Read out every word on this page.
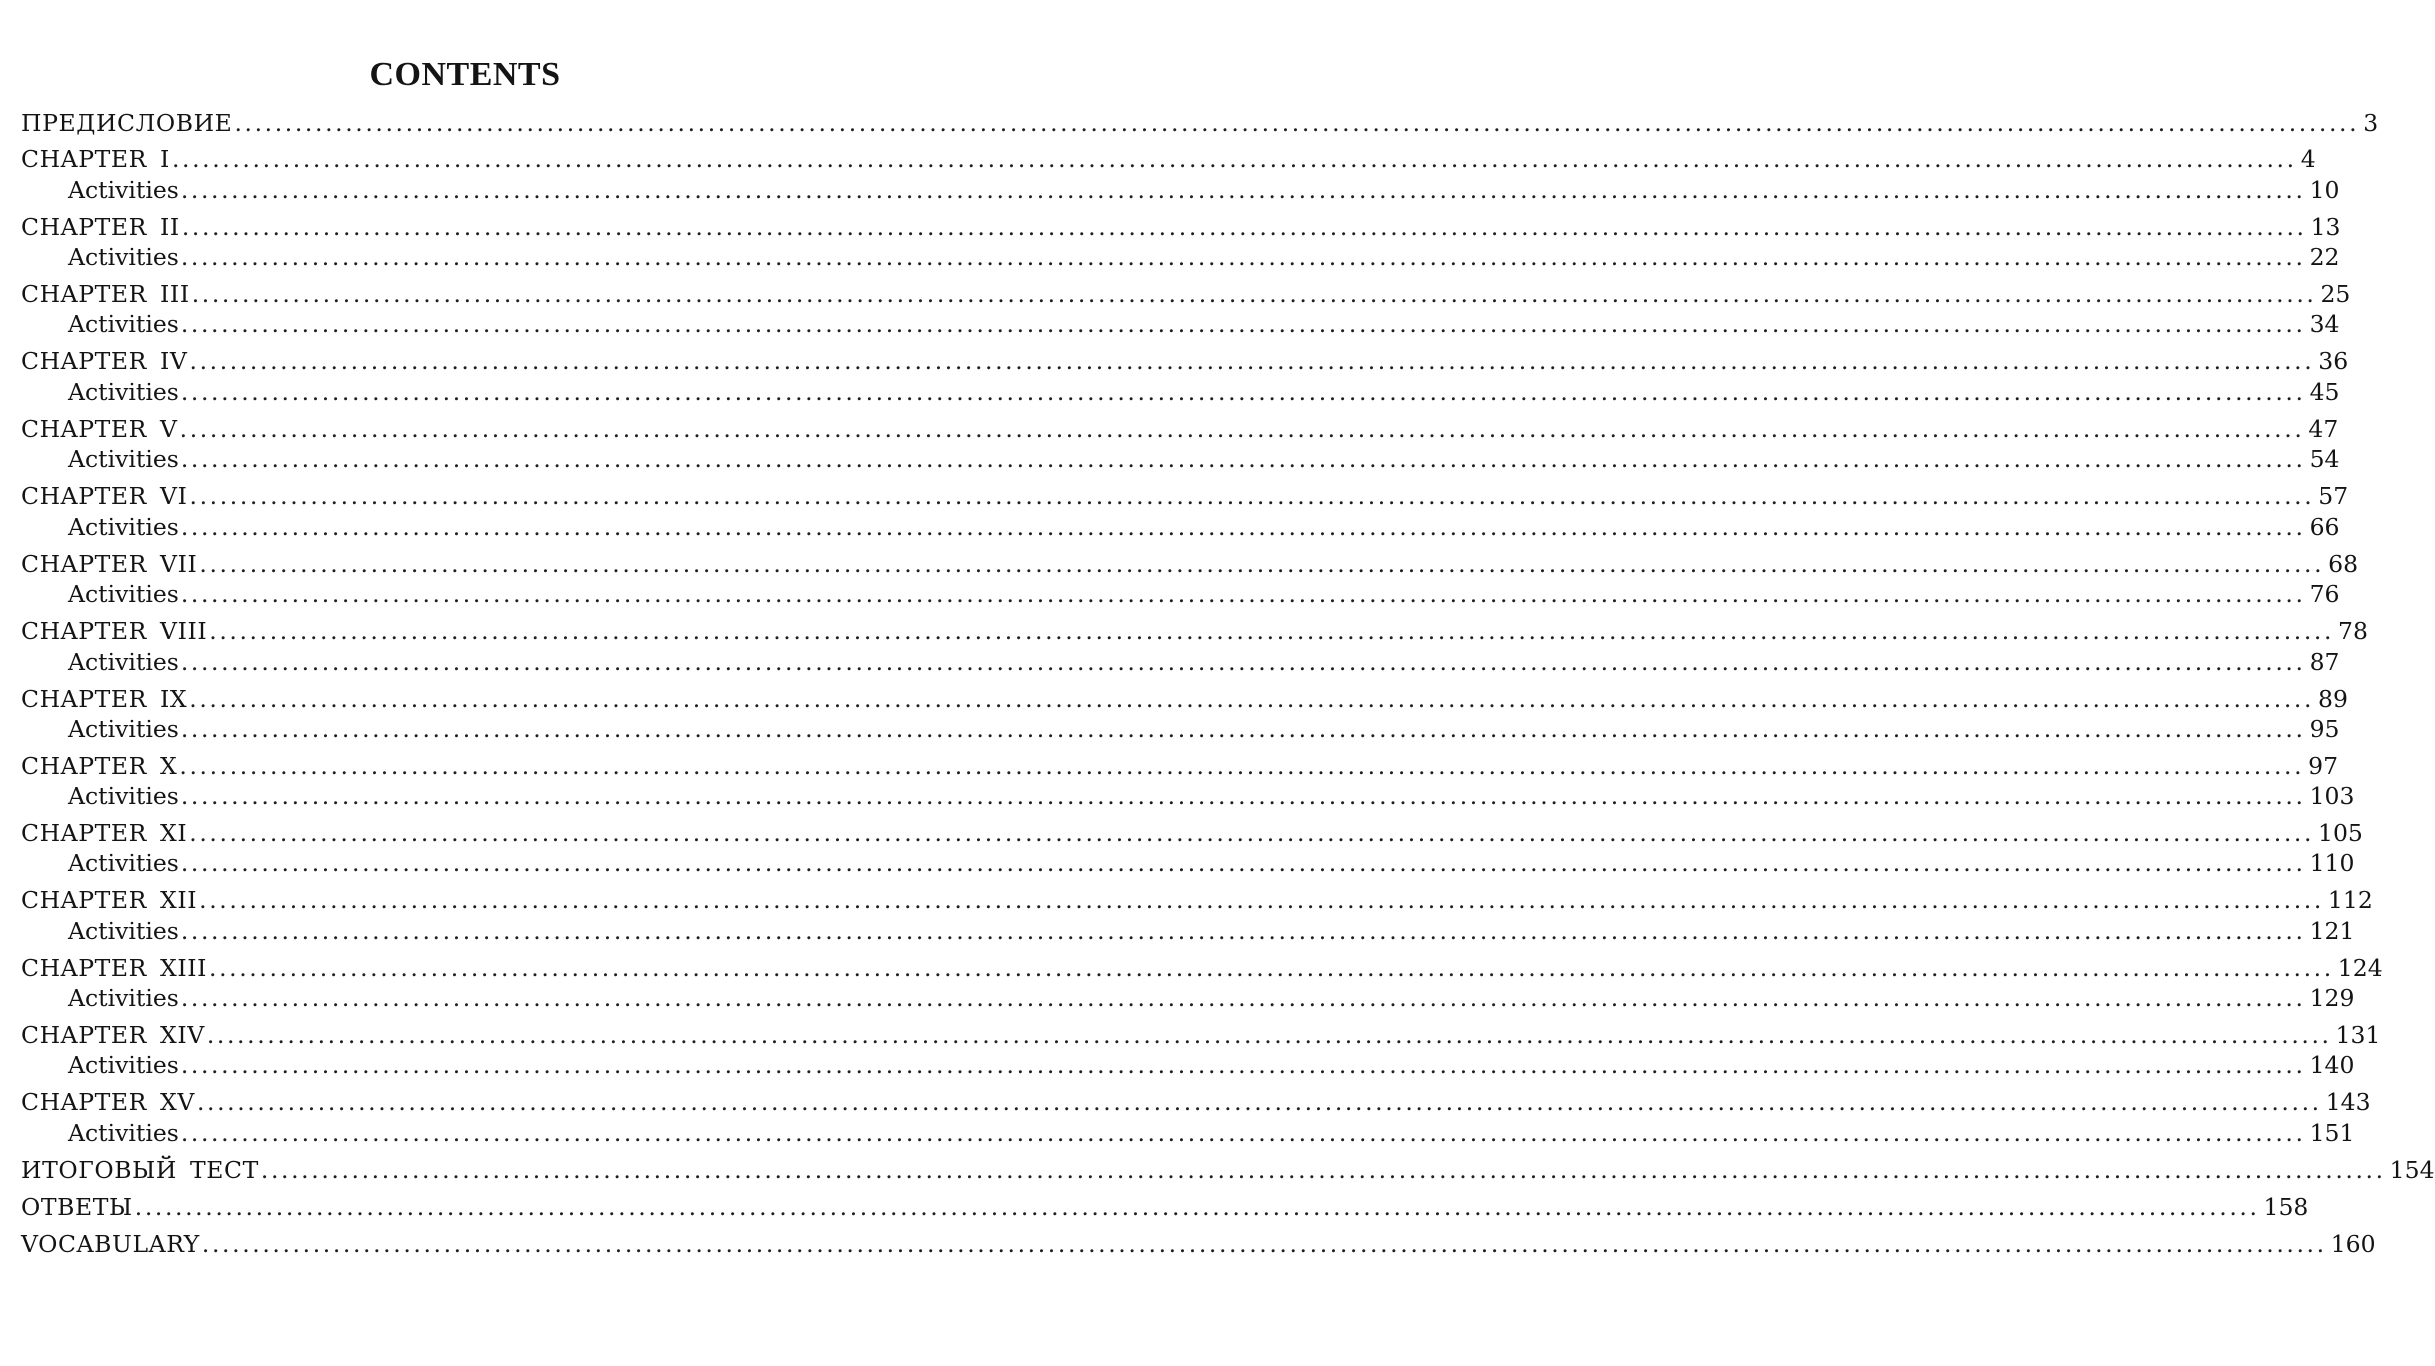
CONTENTS
ПРЕДИСЛОВИЕ ................................................................................................................................................................................................................... 3
CHAPTER I ................................................................................................................................................................................................................... 4
Activities ................................................................................................................................................................................................................... 10
CHAPTER II ................................................................................................................................................................................................................... 13
Activities ................................................................................................................................................................................................................... 22
CHAPTER III ................................................................................................................................................................................................................... 25
Activities ................................................................................................................................................................................................................... 34
CHAPTER IV ................................................................................................................................................................................................................... 36
Activities ................................................................................................................................................................................................................... 45
CHAPTER V ................................................................................................................................................................................................................... 47
Activities ................................................................................................................................................................................................................... 54
CHAPTER VI ................................................................................................................................................................................................................... 57
Activities ................................................................................................................................................................................................................... 66
CHAPTER VII ................................................................................................................................................................................................................... 68
Activities ................................................................................................................................................................................................................... 76
CHAPTER VIII ................................................................................................................................................................................................................... 78
Activities ................................................................................................................................................................................................................... 87
CHAPTER IX ................................................................................................................................................................................................................... 89
Activities ................................................................................................................................................................................................................... 95
CHAPTER X ................................................................................................................................................................................................................... 97
Activities ................................................................................................................................................................................................................... 103
CHAPTER XI ................................................................................................................................................................................................................... 105
Activities ................................................................................................................................................................................................................... 110
CHAPTER XII ................................................................................................................................................................................................................... 112
Activities ................................................................................................................................................................................................................... 121
CHAPTER XIII ................................................................................................................................................................................................................... 124
Activities ................................................................................................................................................................................................................... 129
CHAPTER XIV ................................................................................................................................................................................................................... 131
Activities ................................................................................................................................................................................................................... 140
CHAPTER XV ................................................................................................................................................................................................................... 143
Activities ................................................................................................................................................................................................................... 151
ИТОГОВЫЙ ТЕСТ ................................................................................................................................................................................................................... 154
ОТВЕТЫ ................................................................................................................................................................................................................... 158
VOCABULARY ................................................................................................................................................................................................................... 160
